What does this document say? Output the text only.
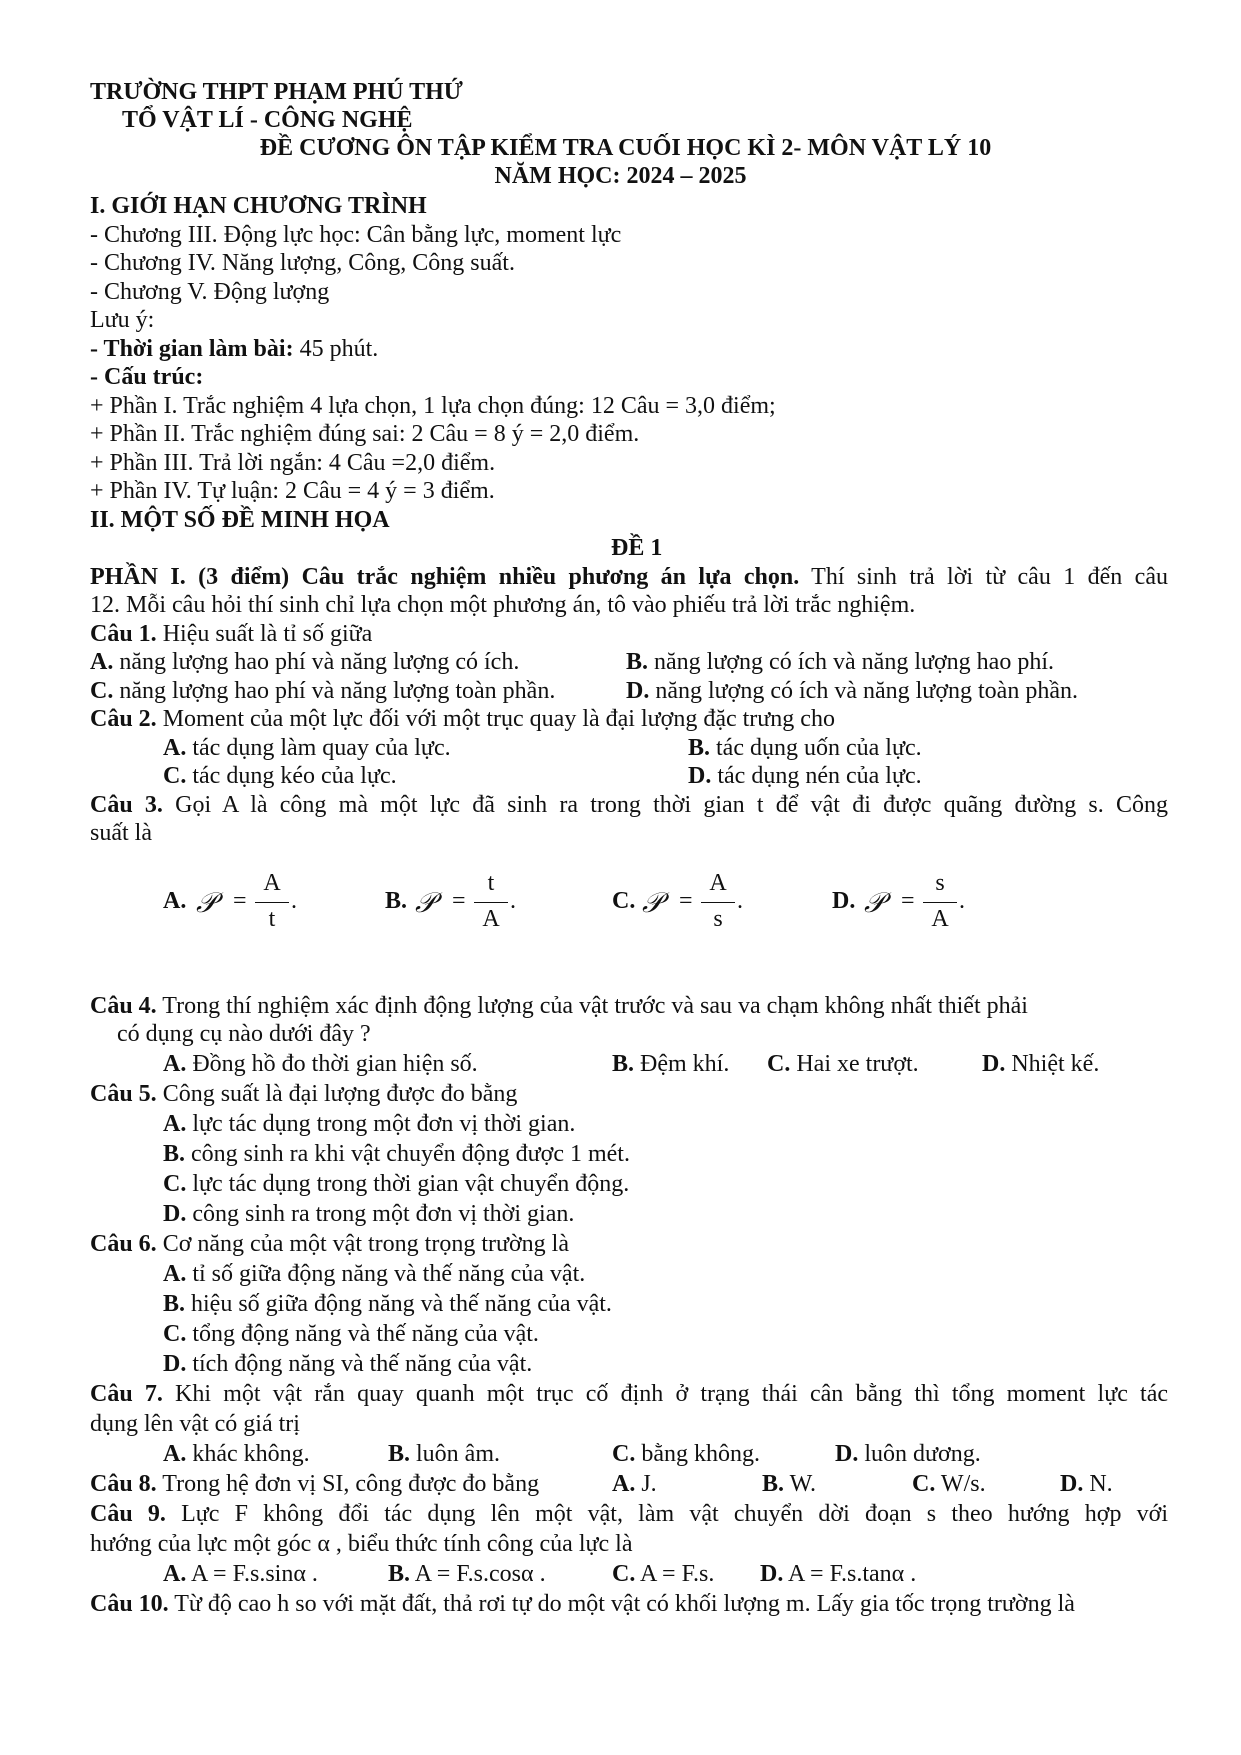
TRƯỜNG THPT PHẠM PHÚ THỨ
TỔ VẬT LÍ - CÔNG NGHỆ
ĐỀ CƯƠNG ÔN TẬP KIỂM TRA CUỐI HỌC KÌ 2- MÔN VẬT LÝ 10
NĂM HỌC: 2024 – 2025
I. GIỚI HẠN CHƯƠNG TRÌNH
- Chương III. Động lực học: Cân bằng lực, moment lực
- Chương IV. Năng lượng, Công, Công suất.
- Chương V. Động lượng
Lưu ý:
- Thời gian làm bài: 45 phút.
- Cấu trúc:
+ Phần I. Trắc nghiệm 4 lựa chọn, 1 lựa chọn đúng: 12 Câu = 3,0 điểm;
+ Phần II. Trắc nghiệm đúng sai: 2 Câu = 8 ý = 2,0 điểm.
+ Phần III. Trả lời ngắn: 4 Câu =2,0 điểm.
+ Phần IV. Tự luận: 2 Câu = 4 ý = 3 điểm.
II. MỘT SỐ ĐỀ MINH HỌA
ĐỀ 1
PHẦN I. (3 điểm) Câu trắc nghiệm nhiều phương án lựa chọn. Thí sinh trả lời từ câu 1 đến câu
12. Mỗi câu hỏi thí sinh chỉ lựa chọn một phương án, tô vào phiếu trả lời trắc nghiệm.
Câu 1. Hiệu suất là tỉ số giữa
A. năng lượng hao phí và năng lượng có ích.	B. năng lượng có ích và năng lượng hao phí.
C. năng lượng hao phí và năng lượng toàn phần.	D. năng lượng có ích và năng lượng toàn phần.
Câu 2. Moment của một lực đối với một trục quay là đại lượng đặc trưng cho
A. tác dụng làm quay của lực.	B. tác dụng uốn của lực.
C. tác dụng kéo của lực.	D. tác dụng nén của lực.
Câu 3. Gọi A là công mà một lực đã sinh ra trong thời gian t để vật đi được quãng đường s. Công
suất là
A. 𝒫 =
A
t
.	B. 𝒫 =
t
A
.	C. 𝒫 =
A
s
.	D. 𝒫 =
s
A
.
Câu 4. Trong thí nghiệm xác định động lượng của vật trước và sau va chạm không nhất thiết phải
có dụng cụ nào dưới đây ?
A. Đồng hồ đo thời gian hiện số.	B. Đệm khí. C. Hai xe trượt.	D. Nhiệt kế.
Câu 5. Công suất là đại lượng được đo bằng
A. lực tác dụng trong một đơn vị thời gian.
B. công sinh ra khi vật chuyển động được 1 mét.
C. lực tác dụng trong thời gian vật chuyển động.
D. công sinh ra trong một đơn vị thời gian.
Câu 6. Cơ năng của một vật trong trọng trường là
A. tỉ số giữa động năng và thế năng của vật.
B. hiệu số giữa động năng và thế năng của vật.
C. tổng động năng và thế năng của vật.
D. tích động năng và thế năng của vật.
Câu 7. Khi một vật rắn quay quanh một trục cố định ở trạng thái cân bằng thì tổng moment lực tác
dụng lên vật có giá trị
A. khác không.	B. luôn âm.	C. bằng không.	D. luôn dương.
Câu 8. Trong hệ đơn vị SI, công được đo bằng	A. J.	B. W.	C. W/s.	D. N.
Câu 9. Lực F không đổi tác dụng lên một vật, làm vật chuyển dời đoạn s theo hướng hợp với
hướng của lực một góc α , biểu thức tính công của lực là
A. A = F.s.sinα .	B. A = F.s.cosα .	C. A = F.s. D. A = F.s.tanα .
Câu 10. Từ độ cao h so với mặt đất, thả rơi tự do một vật có khối lượng m. Lấy gia tốc trọng trường là
